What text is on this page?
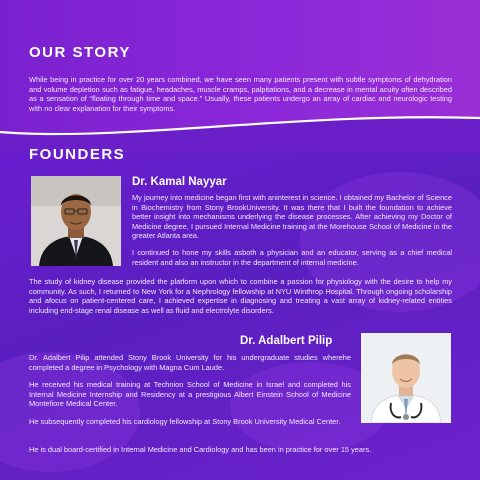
OUR STORY
While being in practice for over 20 years combined, we have seen many patients present with subtle symptoms of dehydration and volume depletion such as fatigue, headaches, muscle cramps, palpitations, and a decrease in mental acuity often described as a sensation of “floating through time and space.” Usually, these patients undergo an array of cardiac and neurologic testing with no clear explanation for their symptoms.
FOUNDERS
Dr. Kamal Nayyar
My journey into medicine began first with aninterest in science. I obtained my Bachelor of Science in Biochemistry from Stony BrookUniversity. It was there that I built the foundation to achieve better insight into mechanisms underlying the disease processes. After achieving my Doctor of Medicine degree, I pursued Internal Medicine training at the Morehouse School of Medicine in the greater Atlanta area.
I continued to hone my skills asboth a physician and an educator, serving as a chief medical resident and also an instructor in the department of internal medicine.
The study of kidney disease provided the platform upon which to combine a passion for physiology with the desire to help my community. As such, I returned to New York for a Nephrology fellowship at NYU Winthrop Hospital. Through ongoing scholarship and afocus on patient-centered care, I achieved expertise in diagnosing and treating a vast array of kidney-related entities including end-stage renal disease as well as fluid and electrolyte disorders.
Dr. Adalbert Pilip
Dr. Adalbert Pilip attended Stony Brook University for his undergraduate studies wherehe completed a degree in Psychology with Magna Cum Laude.
He received his medical training at Technion School of Medicine in Israel and completed his Internal Medicine Internship and Residency at a prestigious Albert Einstein School of Medicine Montefiore Medical Center.
He subsequently completed his cardiology fellowship at Stony Brook University Medical Center.
He is dual board-certified in Internal Medicine and Cardiology and has been in practice for over 15 years.
